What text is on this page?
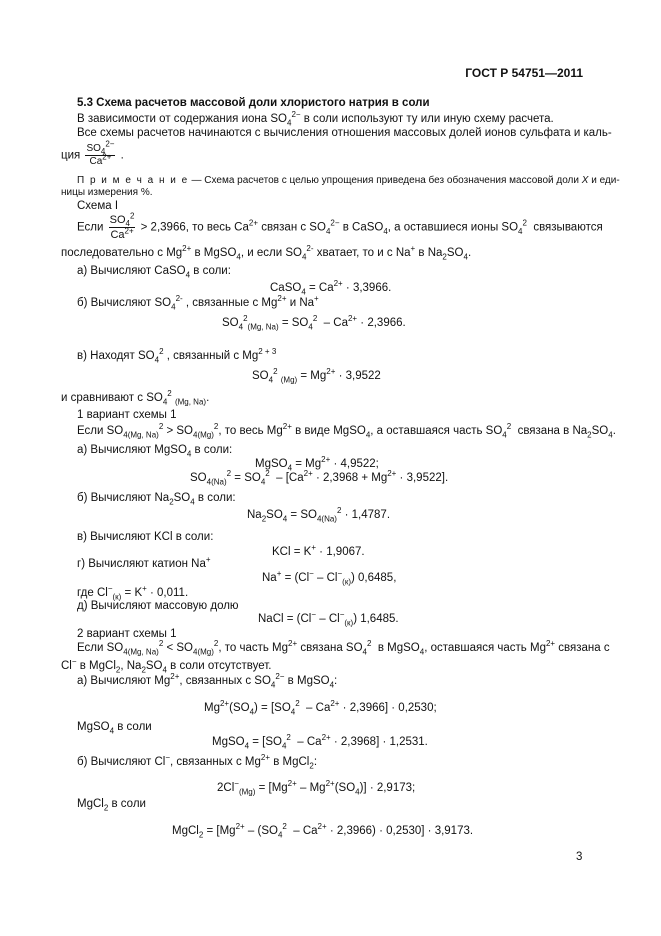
ГОСТ Р 54751—2011
5.3 Схема расчетов массовой доли хлористого натрия в соли
В зависимости от содержания иона $SO_4^{2-}$ в соли используют ту или иную схему расчета.
Все схемы расчетов начинаются с вычисления отношения массовых долей ионов сульфата и каль-
ция $\frac{SO_4^{2-}}{Ca^{2+}}$ .
П р и м е ч а н и е — Схема расчетов с целью упрощения приведена без обозначения массовой доли X и еди-
ницы измерения %.
Схема I
Если $\frac{SO_4^2}{Ca^{2+}} > 2,3966$, то весь $Ca^{2+}$ связан с $SO_4^{2-}$ в CaSO$_4$, а оставшиеся ионы $SO_4^2$  связываются
последовательно с $Mg^{2+}$ в MgSO$_4$, и если $SO_4^{2-}$ хватает, то и с Na+ в $Na_2SO_4$.
а) Вычисляют CaSO$_4$ в соли:
CaSO$_4$ = $Ca^{2+} \cdot 3,3966$.
б) Вычисляют $SO_4^{2-}$ , связанные с $Mg^{2+}$ и Na+
$SO_4^2_{(Mg, Na)} = SO_4^2 - Ca^{2+} \cdot 2,3966$.
в) Находят $SO_4^2$ , связанный с $Mg^{2 + 3}$
$SO_4^2$ $_{(Mg)} = Mg^{2+} \cdot 3,9522$
и сравнивают с $SO_4^2$ $_{(Mg, Na)}$.
1 вариант схемы 1
Если $SO_{4(Mg, Na)}^2 > SO_{4(Mg)}^2$, то весь $Mg^{2+}$ в виде MgSO$_4$, а оставшаяся часть $SO_4^2$  связана в $Na_2SO_4$.
а) Вычисляют MgSO$_4$ в соли:
MgSO$_4$ = $Mg^{2+} \cdot 4,9522$;
$SO_{4(Na)}^2 = SO_4^2 - [Ca^{2+} \cdot 2,3968 + Mg^{2+} \cdot 3,9522]$.
б) Вычисляют $Na_2SO_4$ в соли:
$Na_2SO_4 = SO_{4(Na)}^2 \cdot 1,4787$.
в) Вычисляют KCl в соли:
KCl = K+ · 1,9067.
г) Вычисляют катион Na+
$Na^+ = (Cl^- - Cl^-_{(к)})$ 0,6485,
где $Cl^-_{(к)} = K^+ \cdot 0,011$.
д) Вычисляют массовую долю
NaCl = $(Cl^- - Cl^-_{(к)})$ 1,6485.
2 вариант схемы 1
Если $SO_{4(Mg, Na)}^2 < SO_{4(Mg)}^2$, то часть $Mg^{2+}$ связана $SO_4^2$  в MgSO$_4$, оставшаяся часть $Mg^{2+}$ связана с
Cl− в MgCl$_2$, $Na_2SO_4$ в соли отсутствует.
а) Вычисляют $Mg^{2+}$, связанных с $SO_4^{2-}$ в MgSO$_4$:
$Mg^{2+}(SO_4) = [SO_4^2 - Ca^{2+} \cdot 2,3966] \cdot 0,2530$;
MgSO$_4$ в соли
MgSO$_4$ = $[SO_4^2 - Ca^{2+} \cdot 2,3968] \cdot 1,2531$.
б) Вычисляют Cl−, связанных с $Mg^{2+}$ в MgCl$_2$:
$2Cl^-_{(Mg)} = [Mg^{2+} - Mg^{2+}(SO_4)] \cdot 2,9173$;
MgCl$_2$ в соли
MgCl$_2$ = $[Mg^{2+} - (SO_4^2 - Ca^{2+} \cdot 2,3966) \cdot 0,2530] \cdot 3,9173$.
3
